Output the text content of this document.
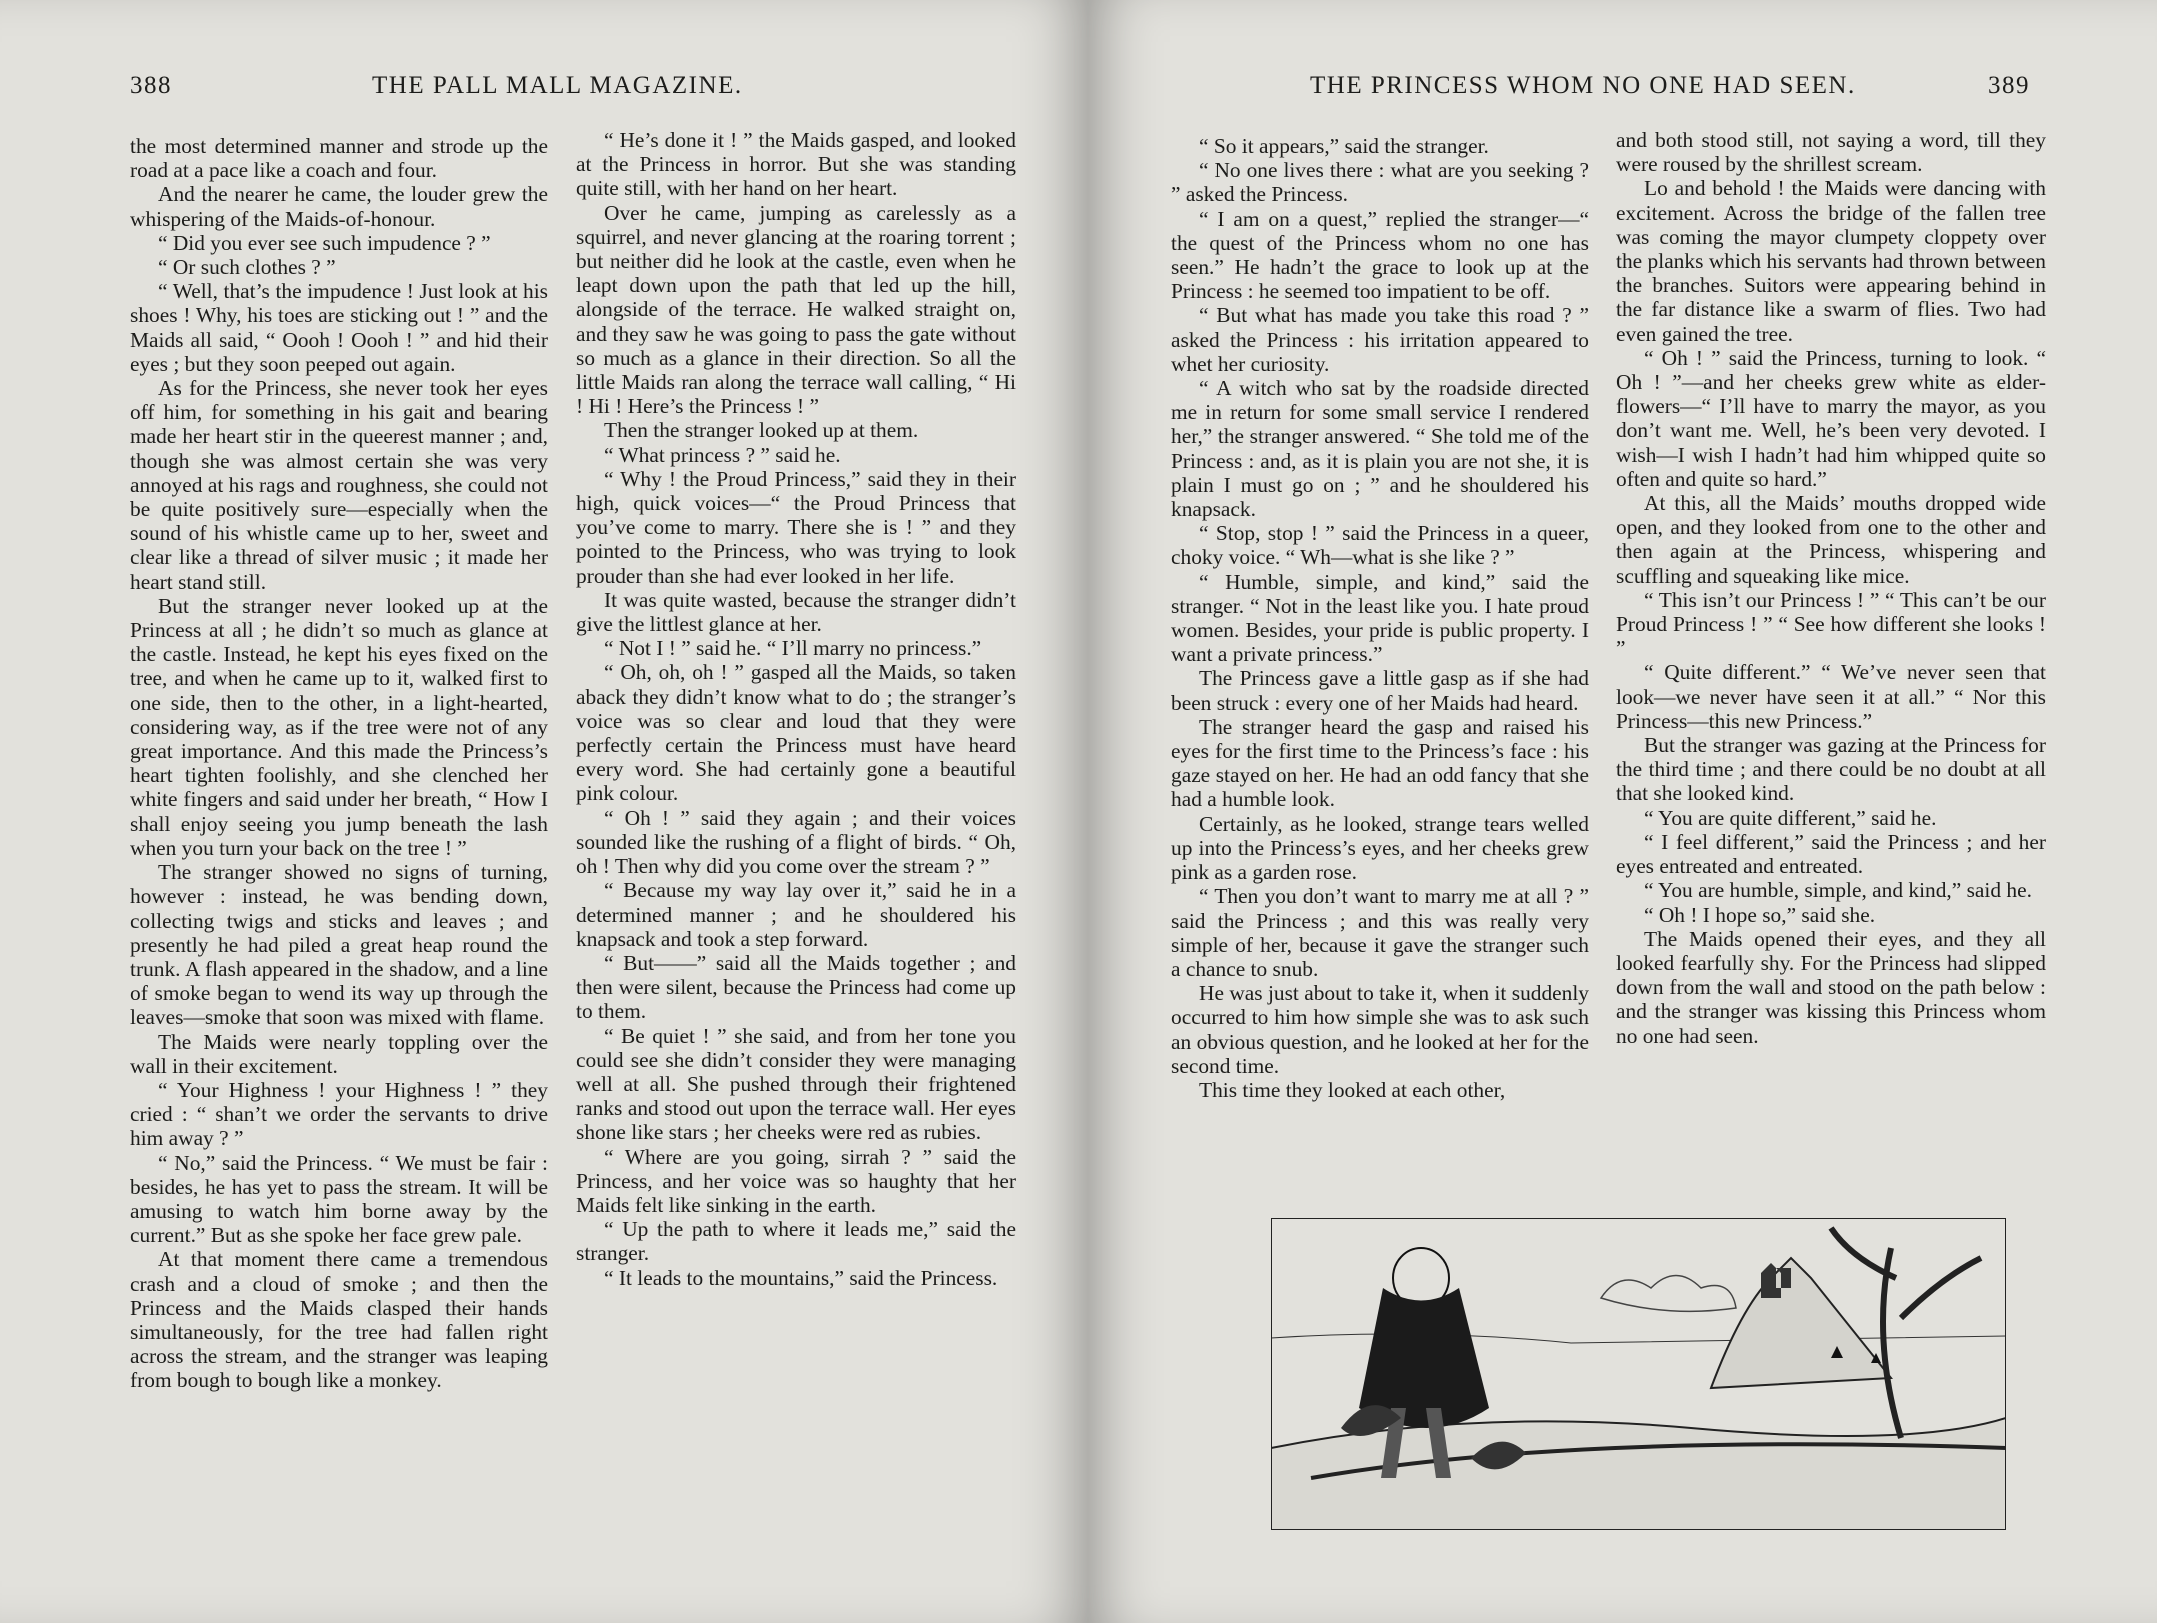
388	THE PALL MALL MAGAZINE.

the most determined manner and strode up the road at a pace like a coach and four.

And the nearer he came, the louder grew the whispering of the Maids-of-honour.

“ Did you ever see such impudence ? ”

“ Or such clothes ? ”

“ Well, that’s the impudence ! Just look at his shoes ! Why, his toes are sticking out ! ” and the Maids all said, “ Oooh ! Oooh ! ” and hid their eyes ; but they soon peeped out again.

As for the Princess, she never took her eyes off him, for something in his gait and bearing made her heart stir in the queerest manner ; and, though she was almost certain she was very annoyed at his rags and roughness, she could not be quite positively sure—especially when the sound of his whistle came up to her, sweet and clear like a thread of silver music ; it made her heart stand still.

But the stranger never looked up at the Princess at all ; he didn’t so much as glance at the castle. Instead, he kept his eyes fixed on the tree, and when he came up to it, walked first to one side, then to the other, in a light-hearted, considering way, as if the tree were not of any great importance. And this made the Princess’s heart tighten foolishly, and she clenched her white fingers and said under her breath, “ How I shall enjoy seeing you jump beneath the lash when you turn your back on the tree ! ”

The stranger showed no signs of turning, however : instead, he was bending down, collecting twigs and sticks and leaves ; and presently he had piled a great heap round the trunk. A flash appeared in the shadow, and a line of smoke began to wend its way up through the leaves—smoke that soon was mixed with flame.

The Maids were nearly toppling over the wall in their excitement.

“ Your Highness ! your Highness ! ” they cried : “ shan’t we order the servants to drive him away ? ”

“ No,” said the Princess. “ We must be fair : besides, he has yet to pass the stream. It will be amusing to watch him borne away by the current.” But as she spoke her face grew pale.

At that moment there came a tremendous crash and a cloud of smoke ; and then the Princess and the Maids clasped their hands simultaneously, for the tree had fallen right across the stream, and the stranger was leaping from bough to bough like a monkey.

“ He’s done it ! ” the Maids gasped, and looked at the Princess in horror. But she was standing quite still, with her hand on her heart.

Over he came, jumping as carelessly as a squirrel, and never glancing at the roaring torrent ; but neither did he look at the castle, even when he leapt down upon the path that led up the hill, alongside of the terrace. He walked straight on, and they saw he was going to pass the gate without so much as a glance in their direction. So all the little Maids ran along the terrace wall calling, “ Hi ! Hi ! Here’s the Princess ! ”

Then the stranger looked up at them.

“ What princess ? ” said he.

“ Why ! the Proud Princess,” said they in their high, quick voices—“ the Proud Princess that you’ve come to marry. There she is ! ” and they pointed to the Princess, who was trying to look prouder than she had ever looked in her life.

It was quite wasted, because the stranger didn’t give the littlest glance at her.

“ Not I ! ” said he. “ I’ll marry no princess.”

“ Oh, oh, oh ! ” gasped all the Maids, so taken aback they didn’t know what to do ; the stranger’s voice was so clear and loud that they were perfectly certain the Princess must have heard every word. She had certainly gone a beautiful pink colour.

“ Oh ! ” said they again ; and their voices sounded like the rushing of a flight of birds. “ Oh, oh ! Then why did you come over the stream ? ”

“ Because my way lay over it,” said he in a determined manner ; and he shouldered his knapsack and took a step forward.

“ But——” said all the Maids together ; and then were silent, because the Princess had come up to them.

“ Be quiet ! ” she said, and from her tone you could see she didn’t consider they were managing well at all. She pushed through their frightened ranks and stood out upon the terrace wall. Her eyes shone like stars ; her cheeks were red as rubies.

“ Where are you going, sirrah ? ” said the Princess, and her voice was so haughty that her Maids felt like sinking in the earth.

“ Up the path to where it leads me,” said the stranger.

“ It leads to the mountains,” said the Princess.

THE PRINCESS WHOM NO ONE HAD SEEN.	389

“ So it appears,” said the stranger.

“ No one lives there : what are you seeking ? ” asked the Princess.

“ I am on a quest,” replied the stranger—“ the quest of the Princess whom no one has seen.” He hadn’t the grace to look up at the Princess : he seemed too impatient to be off.

“ But what has made you take this road ? ” asked the Princess : his irritation appeared to whet her curiosity.

“ A witch who sat by the roadside directed me in return for some small service I rendered her,” the stranger answered. “ She told me of the Princess : and, as it is plain you are not she, it is plain I must go on ; ” and he shouldered his knapsack.

“ Stop, stop ! ” said the Princess in a queer, choky voice. “ Wh—what is she like ? ”

“ Humble, simple, and kind,” said the stranger. “ Not in the least like you. I hate proud women. Besides, your pride is public property. I want a private princess.”

The Princess gave a little gasp as if she had been struck : every one of her Maids had heard.

The stranger heard the gasp and raised his eyes for the first time to the Princess’s face : his gaze stayed on her. He had an odd fancy that she had a humble look.

Certainly, as he looked, strange tears welled up into the Princess’s eyes, and her cheeks grew pink as a garden rose.

“ Then you don’t want to marry me at all ? ” said the Princess ; and this was really very simple of her, because it gave the stranger such a chance to snub.

He was just about to take it, when it suddenly occurred to him how simple she was to ask such an obvious question, and he looked at her for the second time.

This time they looked at each other,

and both stood still, not saying a word, till they were roused by the shrillest scream.

Lo and behold ! the Maids were dancing with excitement. Across the bridge of the fallen tree was coming the mayor clumpety cloppety over the planks which his servants had thrown between the branches. Suitors were appearing behind in the far distance like a swarm of flies. Two had even gained the tree.

“ Oh ! ” said the Princess, turning to look. “ Oh ! ”—and her cheeks grew white as elder-flowers—“ I’ll have to marry the mayor, as you don’t want me. Well, he’s been very devoted. I wish—I wish I hadn’t had him whipped quite so often and quite so hard.”

At this, all the Maids’ mouths dropped wide open, and they looked from one to the other and then again at the Princess, whispering and scuffling and squeaking like mice.

“ This isn’t our Princess ! ” “ This can’t be our Proud Princess ! ” “ See how different she looks ! ”

“ Quite different.” “ We’ve never seen that look—we never have seen it at all.” “ Nor this Princess—this new Princess.”

But the stranger was gazing at the Princess for the third time ; and there could be no doubt at all that she looked kind.

“ You are quite different,” said he.

“ I feel different,” said the Princess ; and her eyes entreated and entreated.

“ You are humble, simple, and kind,” said he.

“ Oh ! I hope so,” said she.

The Maids opened their eyes, and they all looked fearfully shy. For the Princess had slipped down from the wall and stood on the path below : and the stranger was kissing this Princess whom no one had seen.
